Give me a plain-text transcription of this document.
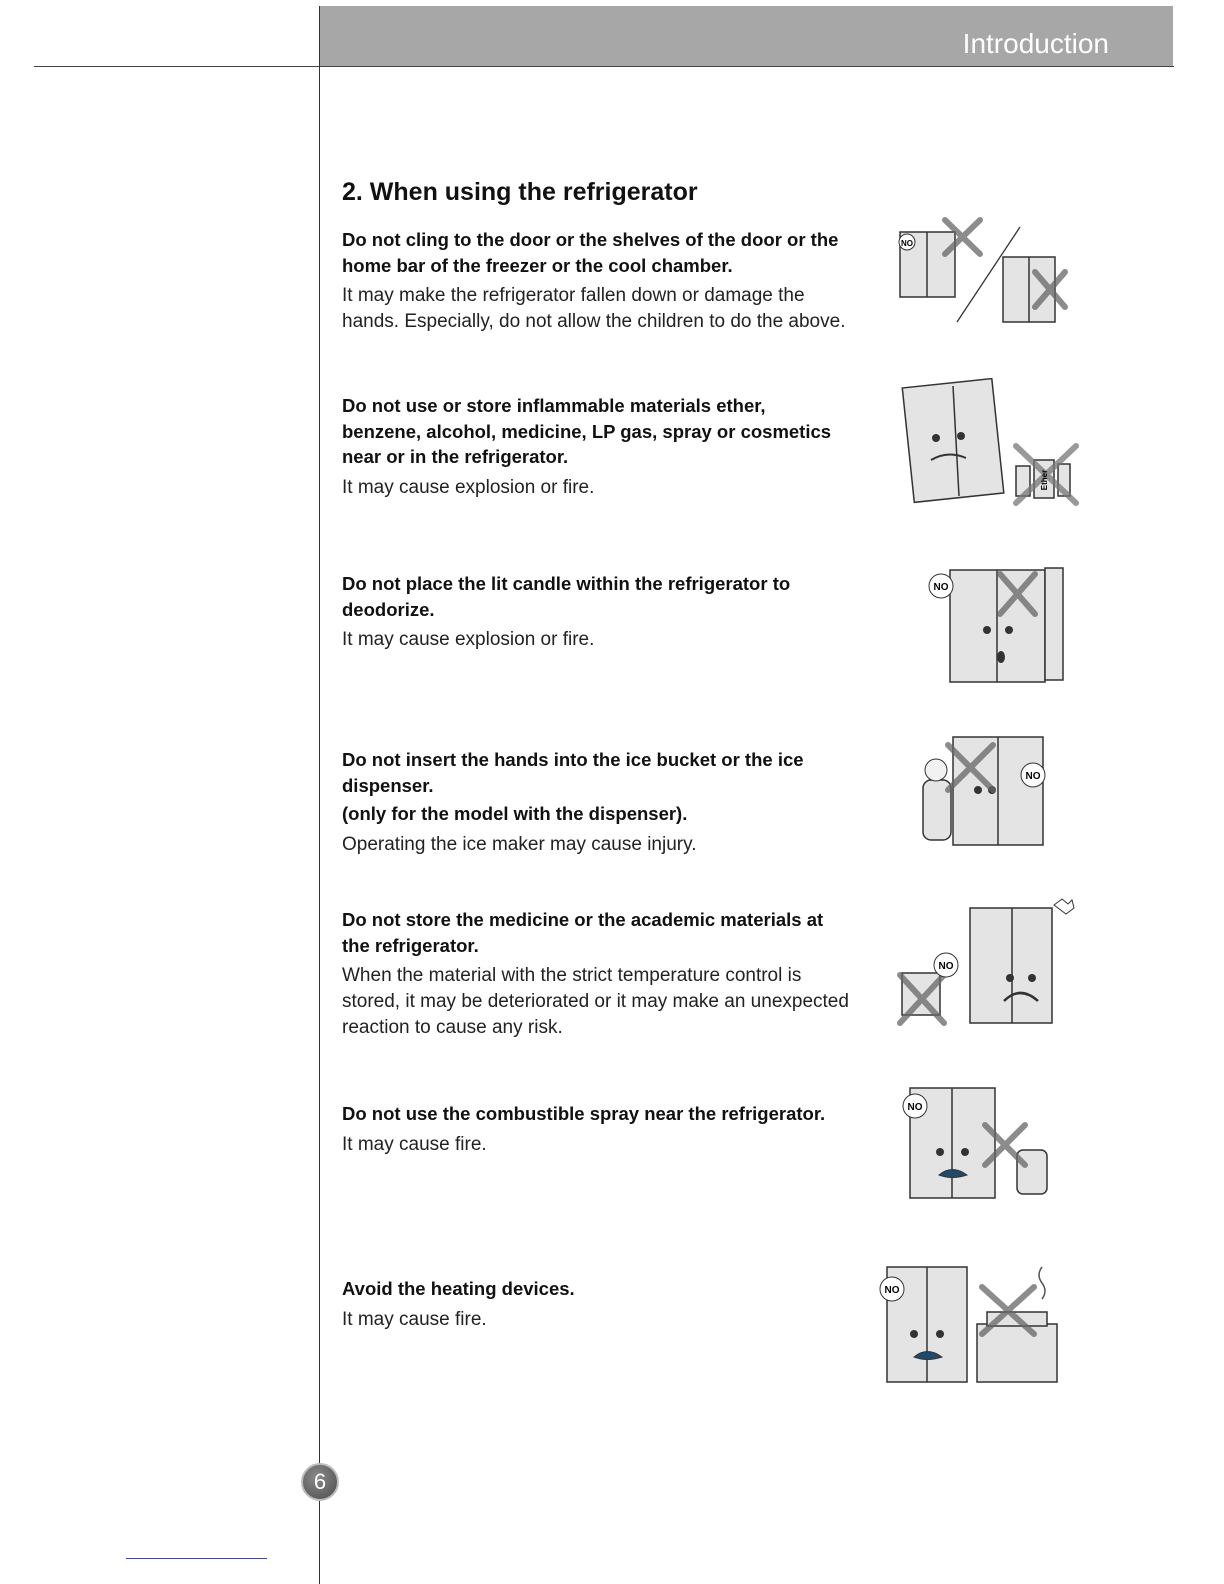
Introduction
2. When using the refrigerator
Do not cling to the door or the shelves of the door or the
home bar of the freezer or the cool chamber.
It may make the refrigerator fallen down or damage the
hands. Especially, do not allow the children to do the above.
Do not use or store inflammable materials ether,
benzene, alcohol, medicine, LP gas, spray or cosmetics
near or in the refrigerator.
It may cause explosion or fire.
Do not place the lit candle within the refrigerator to
deodorize.
It may cause explosion or fire.
Do not insert the hands into the ice bucket or the ice
dispenser.
(only for the model with the dispenser).
Operating the ice maker may cause injury.
Do not store the medicine or the academic materials at
the refrigerator.
When the material with the strict temperature control is
stored, it may be deteriorated or it may make an unexpected
reaction to cause any risk.
Do not use the combustible spray near the refrigerator.
It may cause fire.
Avoid the heating devices.
It may cause fire.
NO
Ether
NO
NO
NO
NO
NO
6
